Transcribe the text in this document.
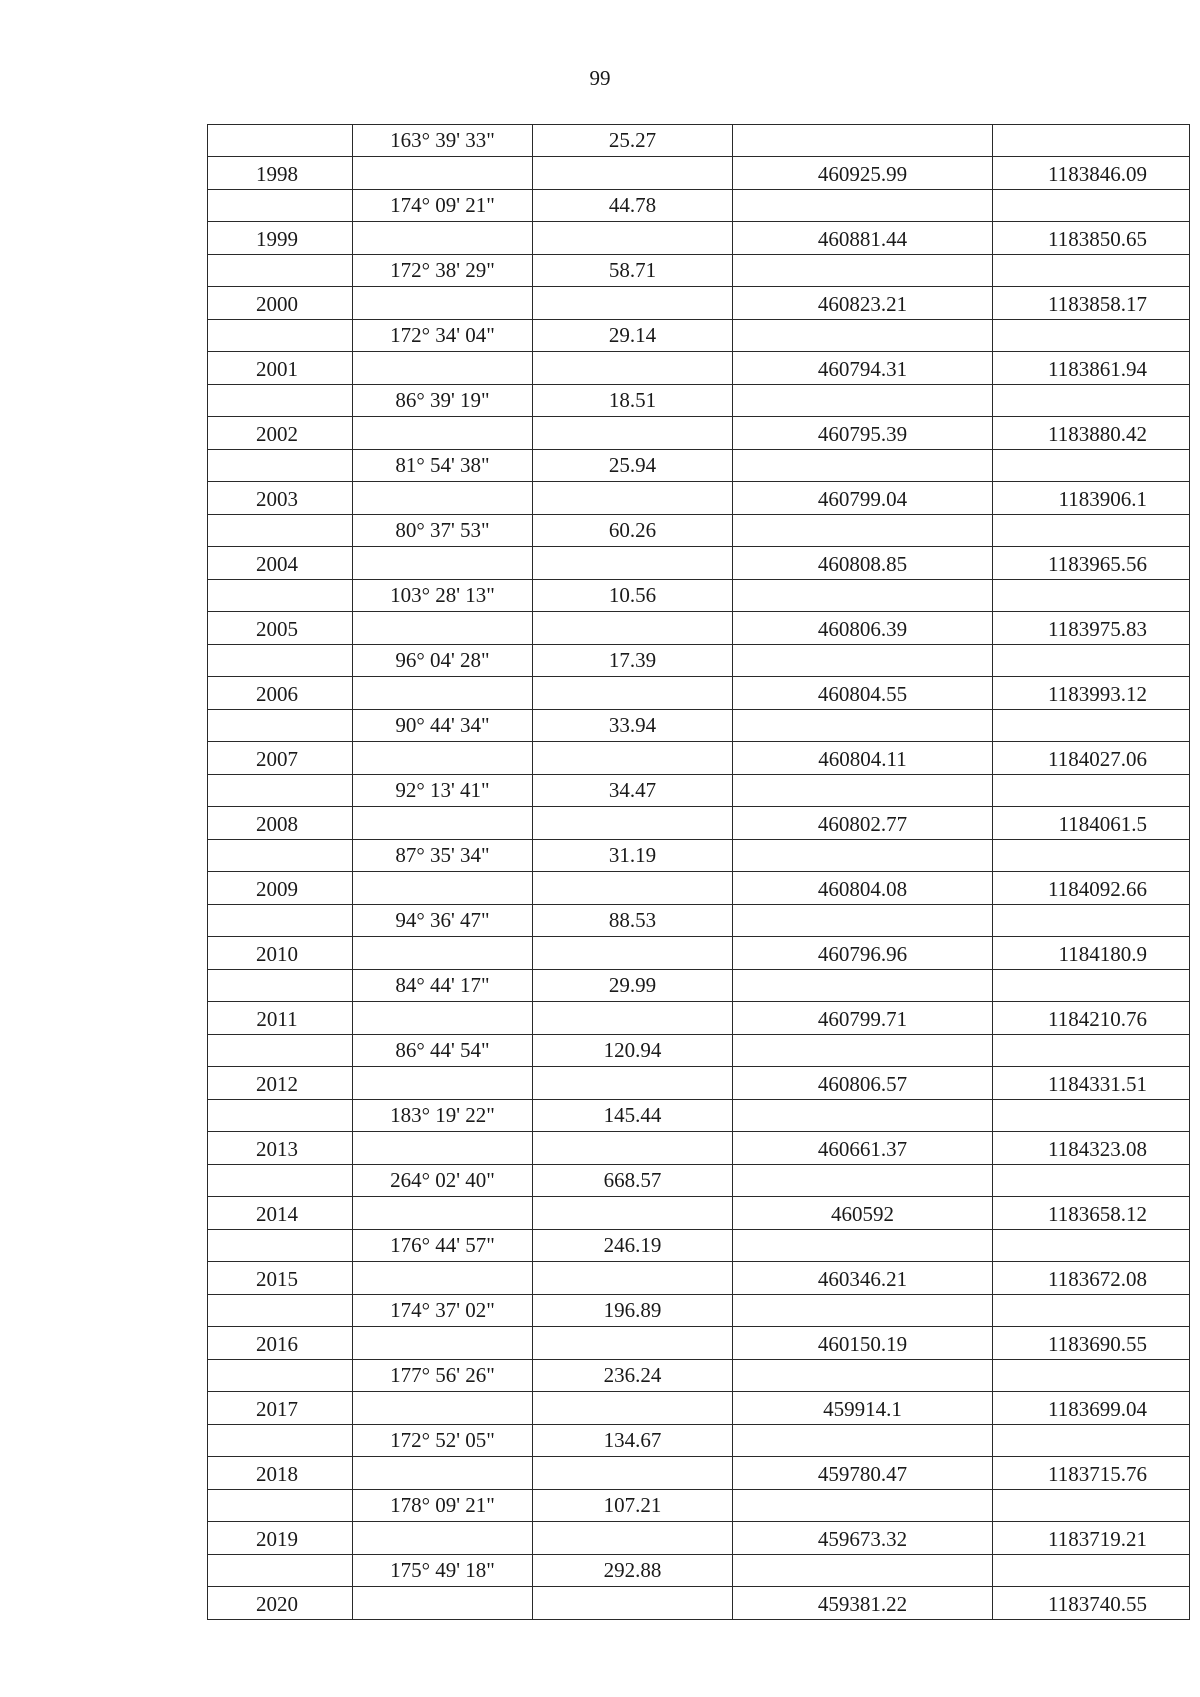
99
	163° 39' 33"	25.27		
1998			460925.99	1183846.09
	174° 09' 21"	44.78		
1999			460881.44	1183850.65
	172° 38' 29"	58.71		
2000			460823.21	1183858.17
	172° 34' 04"	29.14		
2001			460794.31	1183861.94
	86° 39' 19"	18.51		
2002			460795.39	1183880.42
	81° 54' 38"	25.94		
2003			460799.04	1183906.1
	80° 37' 53"	60.26		
2004			460808.85	1183965.56
	103° 28' 13"	10.56		
2005			460806.39	1183975.83
	96° 04' 28"	17.39		
2006			460804.55	1183993.12
	90° 44' 34"	33.94		
2007			460804.11	1184027.06
	92° 13' 41"	34.47		
2008			460802.77	1184061.5
	87° 35' 34"	31.19		
2009			460804.08	1184092.66
	94° 36' 47"	88.53		
2010			460796.96	1184180.9
	84° 44' 17"	29.99		
2011			460799.71	1184210.76
	86° 44' 54"	120.94		
2012			460806.57	1184331.51
	183° 19' 22"	145.44		
2013			460661.37	1184323.08
	264° 02' 40"	668.57		
2014			460592	1183658.12
	176° 44' 57"	246.19		
2015			460346.21	1183672.08
	174° 37' 02"	196.89		
2016			460150.19	1183690.55
	177° 56' 26"	236.24		
2017			459914.1	1183699.04
	172° 52' 05"	134.67		
2018			459780.47	1183715.76
	178° 09' 21"	107.21		
2019			459673.32	1183719.21
	175° 49' 18"	292.88		
2020			459381.22	1183740.55
